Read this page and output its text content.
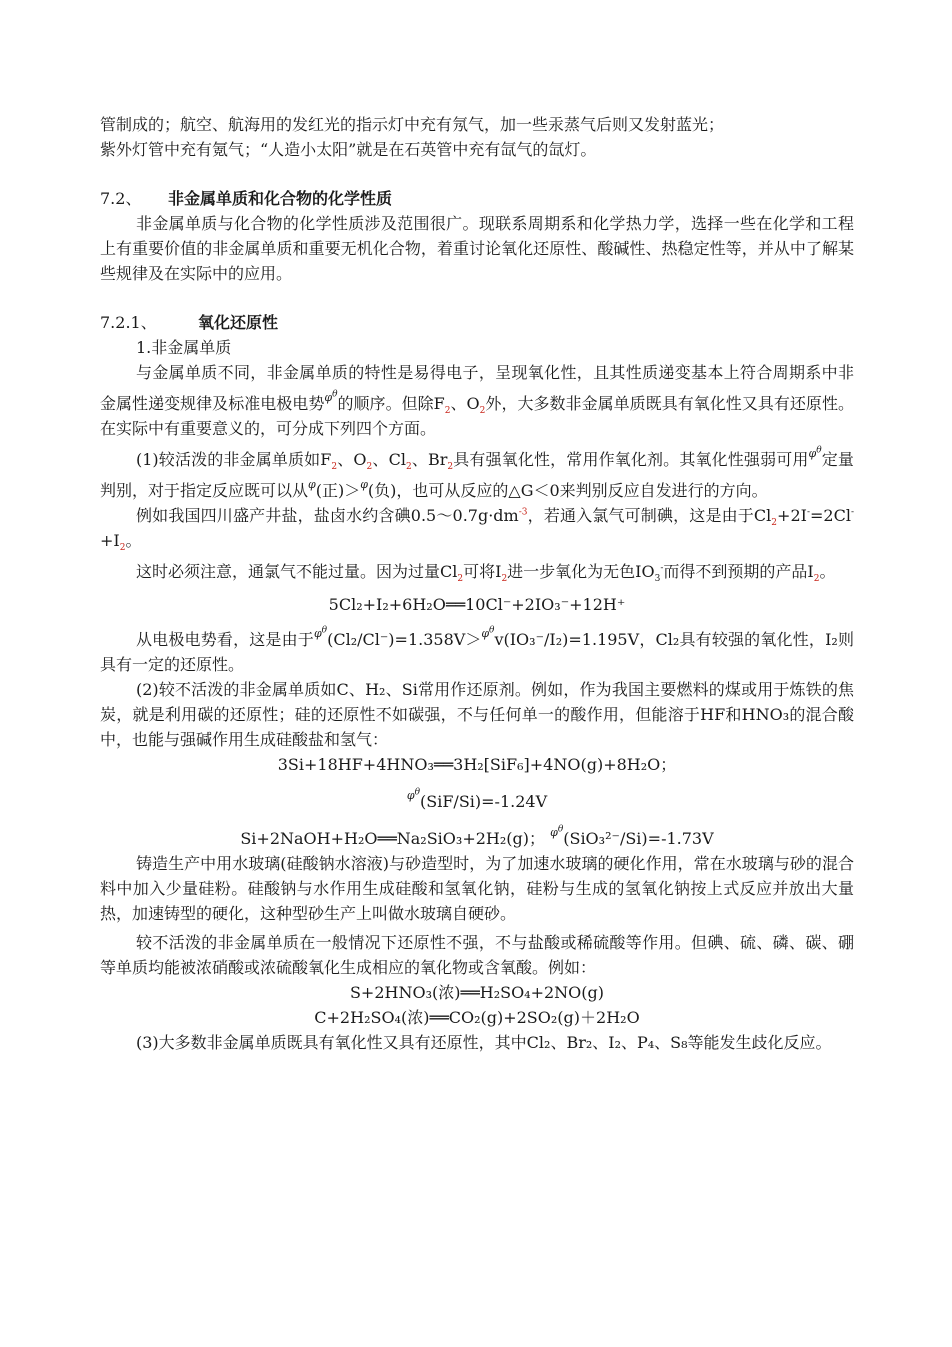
管制成的；航空、航海用的发红光的指示灯中充有氖气，加一些汞蒸气后则又发射蓝光；

紫外灯管中充有氪气；“人造小太阳”就是在石英管中充有氙气的氙灯。

7.2、 非金属单质和化合物的化学性质

非金属单质与化合物的化学性质涉及范围很广。现联系周期系和化学热力学，选择一些在化学和工程上有重要价值的非金属单质和重要无机化合物，着重讨论氧化还原性、酸碱性、热稳定性等，并从中了解某些规律及在实际中的应用。

7.2.1、	氧化还原性

1.非金属单质

与金属单质不同，非金属单质的特性是易得电子，呈现氧化性，且其性质递变基本上符合周期系中非金属性递变规律及标准电极电势$^{\varphi^\theta}$的顺序。但除$F_2$、$O_2$外，大多数非金属单质既具有氧化性又具有还原性。在实际中有重要意义的，可分成下列四个方面。

(1)较活泼的非金属单质如$F_2$、$O_2$、$Cl_2$、$Br_2$具有强氧化性，常用作氧化剂。其氧化性强弱可用$^{\varphi^\theta}$定量判别，对于指定反应既可以从$^\varphi$(正)＞$^\varphi$(负)，也可从反应的△G＜0来判别反应自发进行的方向。

例如我国四川盛产井盐，盐卤水约含碘$0.5\sim 0.7g\cdot dm^{-3}$，若通入氯气可制碘，这是由于$Cl_2+2I^-=2Cl^-+I_2$。

这时必须注意，通氯气不能过量。因为过量$Cl_2$可将$I_2$进一步氧化为无色$IO_3^-$而得不到预期的产品$I_2$。

5Cl₂+I₂+6H₂O══10Cl⁻+2IO₃⁻+12H⁺

从电极电势看，这是由于$^{\varphi^\theta}$(Cl₂/Cl⁻)=1.358V＞$^{\varphi^\theta}$v(IO₃⁻/I₂)=1.195V，Cl₂具有较强的氧化性，I₂则具有一定的还原性。

(2)较不活泼的非金属单质如C、H₂、Si常用作还原剂。例如，作为我国主要燃料的煤或用于炼铁的焦炭，就是利用碳的还原性；硅的还原性不如碳强，不与任何单一的酸作用，但能溶于HF和HNO₃的混合酸中，也能与强碱作用生成硅酸盐和氢气：

3Si+18HF+4HNO₃══3H₂[SiF₆]+4NO(g)+8H₂O；

$^{\varphi^\theta}$(SiF/Si)=-1.24V

Si+2NaOH+H₂O══Na₂SiO₃+2H₂(g)； $^{\varphi^\theta}$(SiO₃²⁻/Si)=-1.73V

铸造生产中用水玻璃(硅酸钠水溶液)与砂造型时，为了加速水玻璃的硬化作用，常在水玻璃与砂的混合料中加入少量硅粉。硅酸钠与水作用生成硅酸和氢氧化钠，硅粉与生成的氢氧化钠按上式反应并放出大量热，加速铸型的硬化，这种型砂生产上叫做水玻璃自硬砂。

较不活泼的非金属单质在一般情况下还原性不强，不与盐酸或稀硫酸等作用。但碘、硫、磷、碳、硼等单质均能被浓硝酸或浓硫酸氧化生成相应的氧化物或含氧酸。例如：

S+2HNO₃(浓)══H₂SO₄+2NO(g)

C+2H₂SO₄(浓)══CO₂(g)+2SO₂(g)＋2H₂O

(3)大多数非金属单质既具有氧化性又具有还原性，其中Cl₂、Br₂、I₂、P₄、S₈等能发生歧化反应。
